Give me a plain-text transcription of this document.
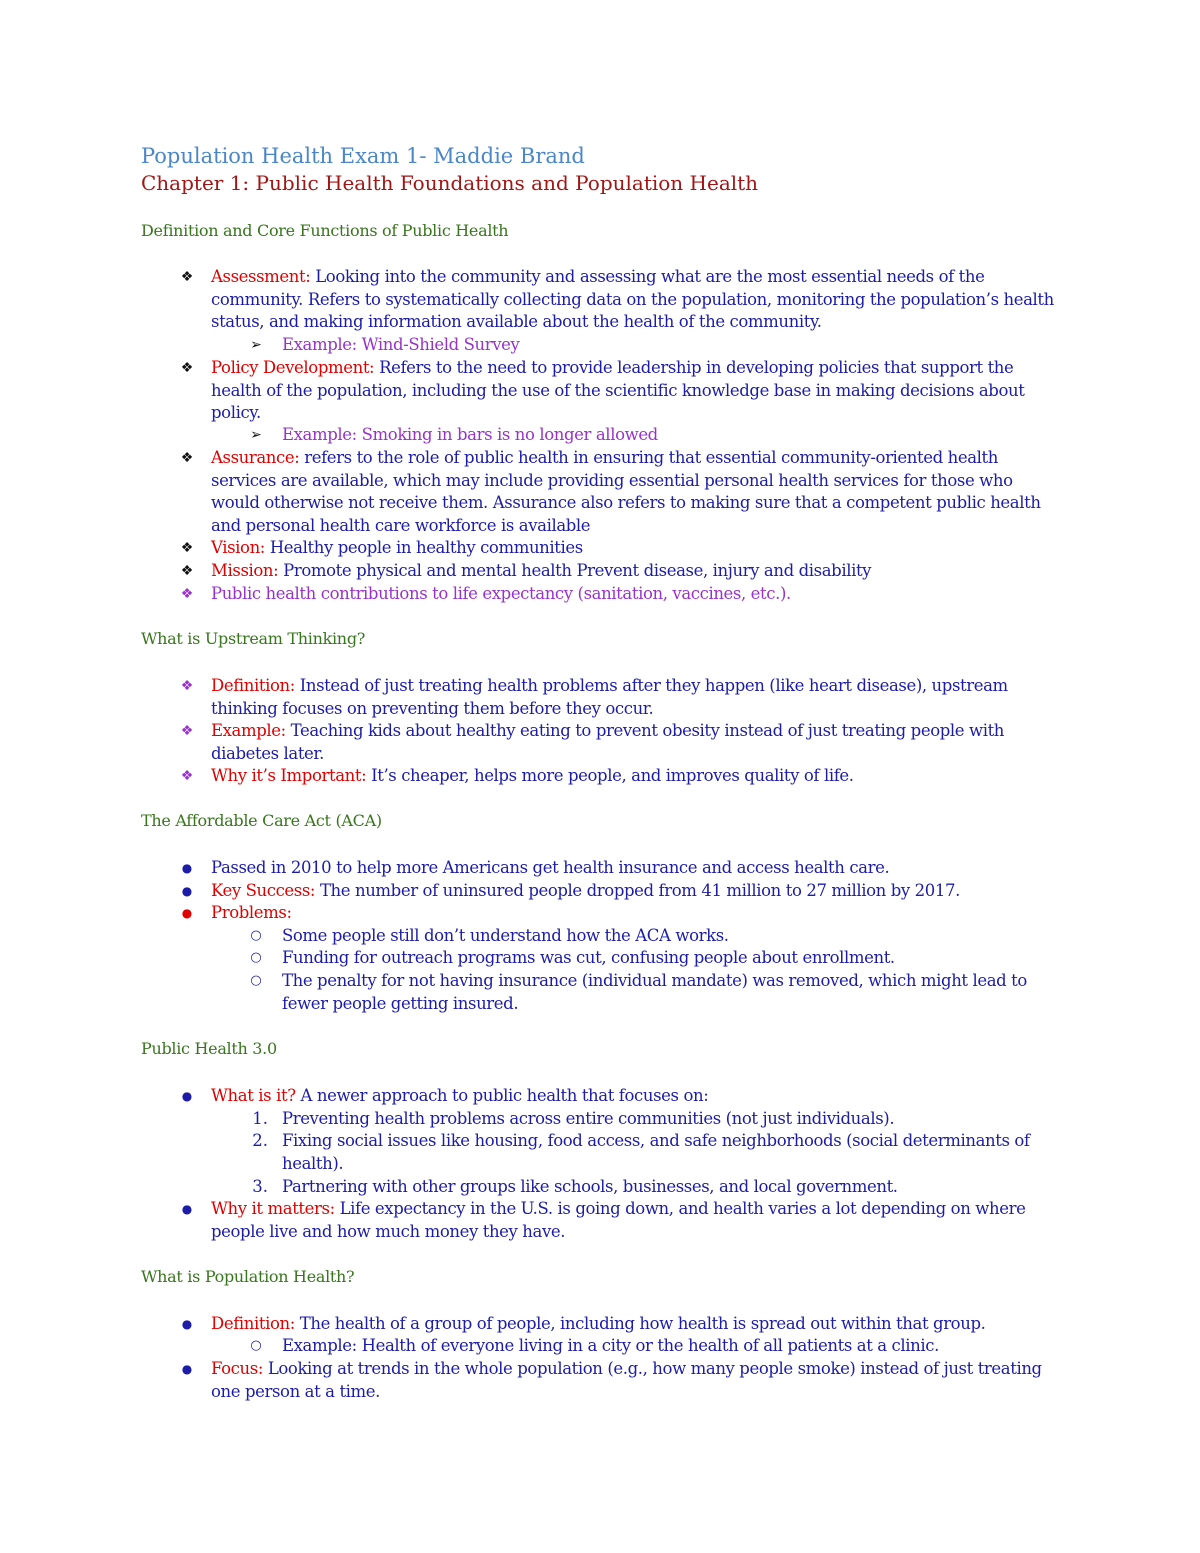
Population Health Exam 1- Maddie Brand
Chapter 1: Public Health Foundations and Population Health
Definition and Core Functions of Public Health
❖	Assessment: Looking into the community and assessing what are the most essential needs of the community. Refers to systematically collecting data on the population, monitoring the population’s health status, and making information available about the health of the community.
➢	Example: Wind-Shield Survey
❖	Policy Development: Refers to the need to provide leadership in developing policies that support the health of the population, including the use of the scientific knowledge base in making decisions about policy.
➢	Example: Smoking in bars is no longer allowed
❖	Assurance: refers to the role of public health in ensuring that essential community-oriented health services are available, which may include providing essential personal health services for those who would otherwise not receive them. Assurance also refers to making sure that a competent public health and personal health care workforce is available
❖	Vision: Healthy people in healthy communities
❖	Mission: Promote physical and mental health Prevent disease, injury and disability
❖	Public health contributions to life expectancy (sanitation, vaccines, etc.).
What is Upstream Thinking?
❖	Definition: Instead of just treating health problems after they happen (like heart disease), upstream thinking focuses on preventing them before they occur.
❖	Example: Teaching kids about healthy eating to prevent obesity instead of just treating people with diabetes later.
❖	Why it’s Important: It’s cheaper, helps more people, and improves quality of life.
The Affordable Care Act (ACA)
●	Passed in 2010 to help more Americans get health insurance and access health care.
●	Key Success: The number of uninsured people dropped from 41 million to 27 million by 2017.
●	Problems:
○	Some people still don’t understand how the ACA works.
○	Funding for outreach programs was cut, confusing people about enrollment.
○	The penalty for not having insurance (individual mandate) was removed, which might lead to fewer people getting insured.
Public Health 3.0
●	What is it? A newer approach to public health that focuses on:
1. Preventing health problems across entire communities (not just individuals).
2. Fixing social issues like housing, food access, and safe neighborhoods (social determinants of health).
3. Partnering with other groups like schools, businesses, and local government.
●	Why it matters: Life expectancy in the U.S. is going down, and health varies a lot depending on where people live and how much money they have.
What is Population Health?
●	Definition: The health of a group of people, including how health is spread out within that group.
○	Example: Health of everyone living in a city or the health of all patients at a clinic.
●	Focus: Looking at trends in the whole population (e.g., how many people smoke) instead of just treating one person at a time.
